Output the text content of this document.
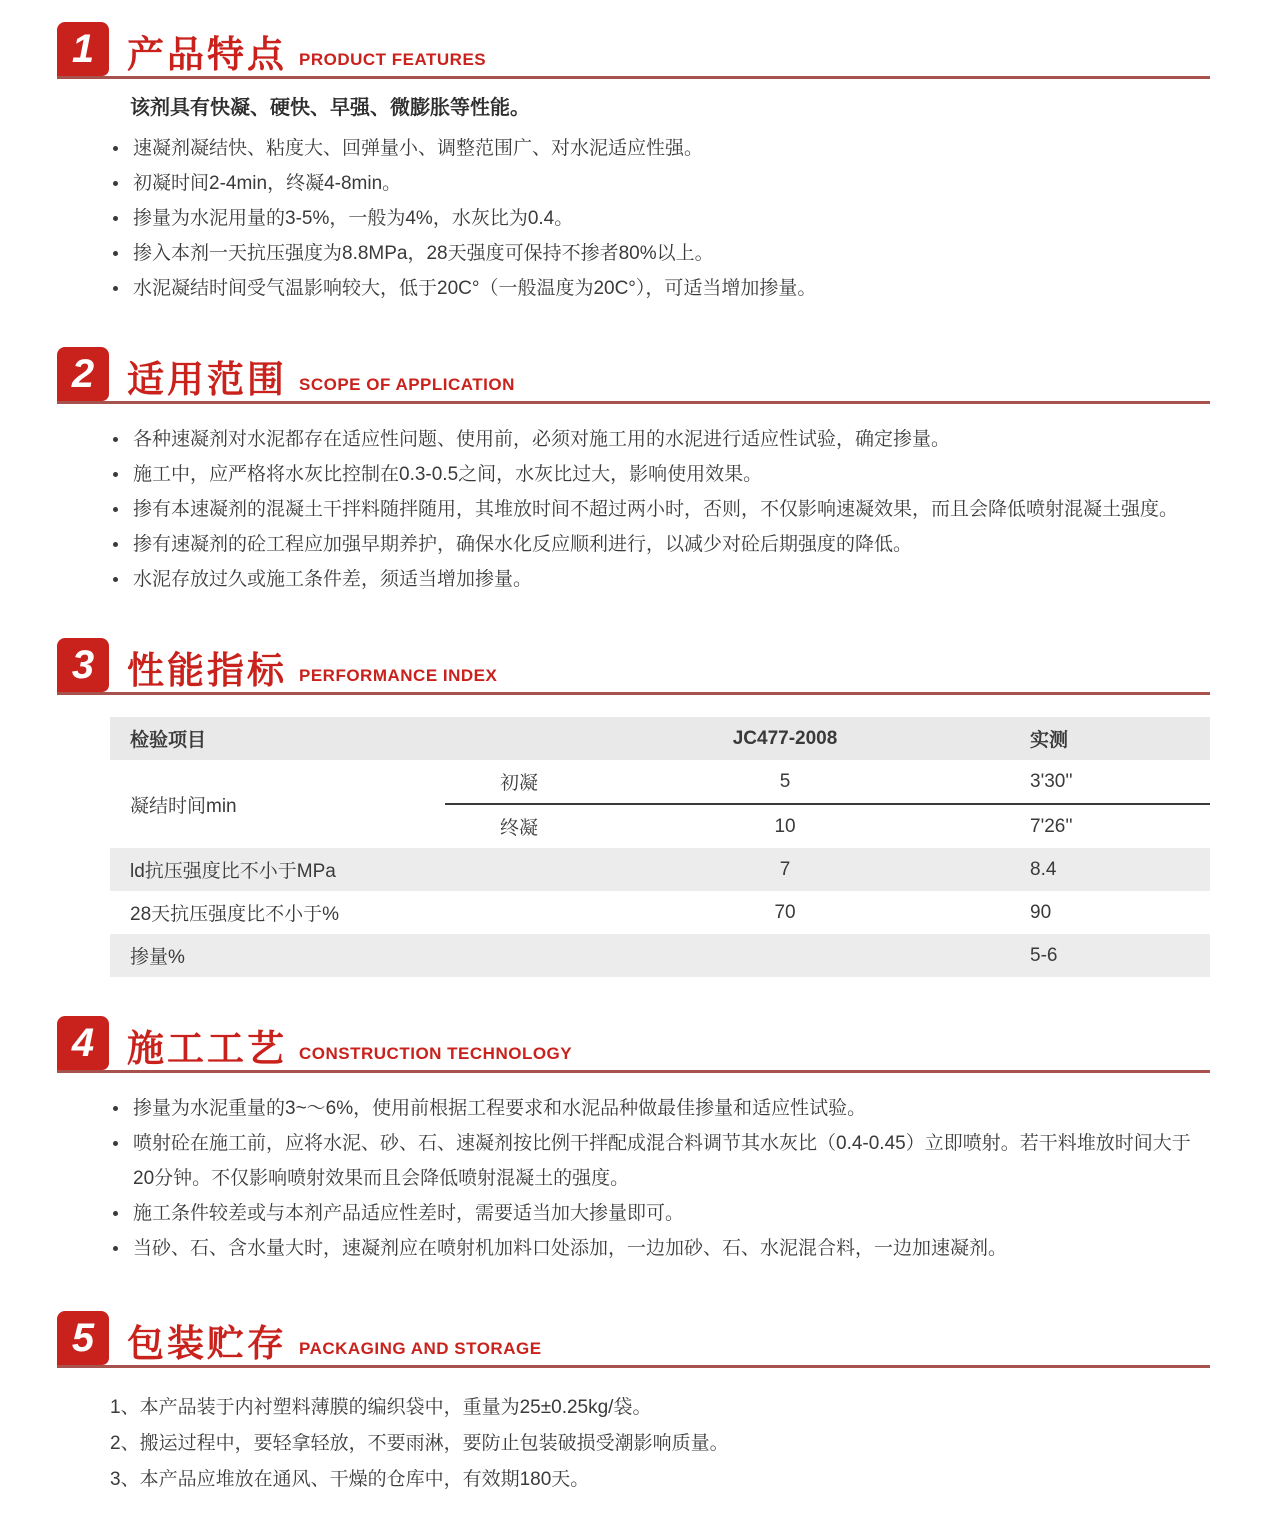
1 产品特点 PRODUCT FEATURES

该剂具有快凝、硬快、早强、微膨胀等性能。

速凝剂凝结快、粘度大、回弹量小、调整范围广、对水泥适应性强。
初凝时间2-4min，终凝4-8min。
掺量为水泥用量的3-5%，一般为4%，水灰比为0.4。
掺入本剂一天抗压强度为8.8MPa，28天强度可保持不掺者80%以上。
水泥凝结时间受气温影响较大，低于20C°（一般温度为20C°），可适当增加掺量。
2 适用范围 SCOPE OF APPLICATION
各种速凝剂对水泥都存在适应性问题、使用前，必须对施工用的水泥进行适应性试验，确定掺量。
施工中，应严格将水灰比控制在0.3-0.5之间，水灰比过大，影响使用效果。
掺有本速凝剂的混凝土干拌料随拌随用，其堆放时间不超过两小时，否则，不仅影响速凝效果，而且会降低喷射混凝土强度。
掺有速凝剂的砼工程应加强早期养护，确保水化反应顺利进行，以减少对砼后期强度的降低。
水泥存放过久或施工条件差，须适当增加掺量。
3 性能指标 PERFORMANCE INDEX
检验项目		JC477-2008	实测
凝结时间min	初凝	5	3'30''
	终凝	10	7'26''
ld抗压强度比不小于MPa		7	8.4
28天抗压强度比不小于%		70	90
掺量%			5-6
4 施工工艺 CONSTRUCTION TECHNOLOGY
掺量为水泥重量的3~～6%，使用前根据工程要求和水泥品种做最佳掺量和适应性试验。
喷射砼在施工前，应将水泥、砂、石、速凝剂按比例干拌配成混合料调节其水灰比（0.4-0.45）立即喷射。若干料堆放时间大于20分钟。不仅影响喷射效果而且会降低喷射混凝土的强度。
施工条件较差或与本剂产品适应性差时，需要适当加大掺量即可。
当砂、石、含水量大时，速凝剂应在喷射机加料口处添加，一边加砂、石、水泥混合料，一边加速凝剂。
5 包装贮存 PACKAGING AND STORAGE

1、本产品装于内衬塑料薄膜的编织袋中，重量为25±0.25kg/袋。

2、搬运过程中，要轻拿轻放，不要雨淋，要防止包装破损受潮影响质量。

3、本产品应堆放在通风、干燥的仓库中，有效期180天。
